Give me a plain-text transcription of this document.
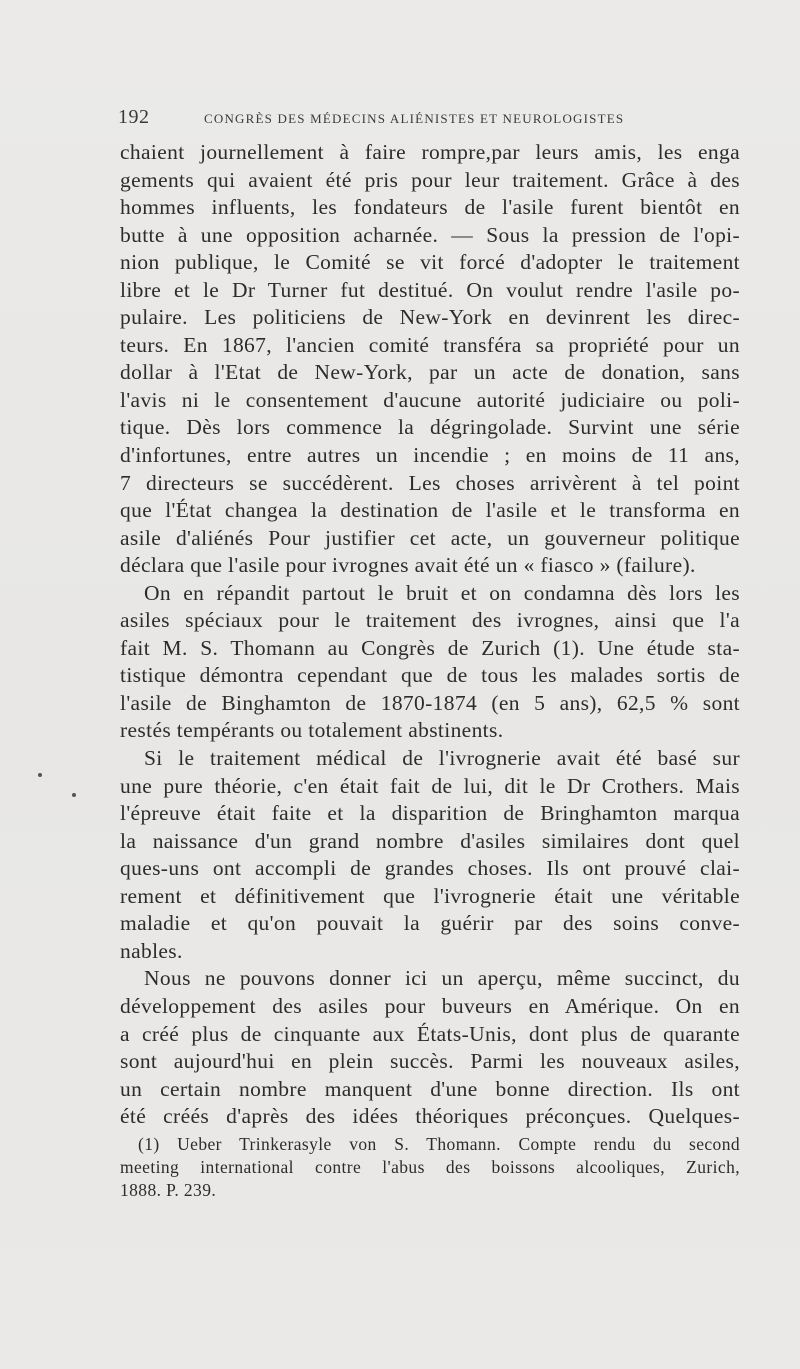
192	CONGRÈS DES MÉDECINS ALIÉNISTES ET NEUROLOGISTES
chaient journellement à faire rompre,par leurs amis, les enga
gements qui avaient été pris pour leur traitement. Grâce à des
hommes influents, les fondateurs de l'asile furent bientôt en
butte à une opposition acharnée. — Sous la pression de l'opi-
nion publique, le Comité se vit forcé d'adopter le traitement
libre et le Dr Turner fut destitué. On voulut rendre l'asile po-
pulaire. Les politiciens de New-York en devinrent les direc-
teurs. En 1867, l'ancien comité transféra sa propriété pour un
dollar à l'Etat de New-York, par un acte de donation, sans
l'avis ni le consentement d'aucune autorité judiciaire ou poli-
tique. Dès lors commence la dégringolade. Survint une série
d'infortunes, entre autres un incendie ; en moins de 11 ans,
7 directeurs se succédèrent. Les choses arrivèrent à tel point
que l'État changea la destination de l'asile et le transforma en
asile d'aliénés Pour justifier cet acte, un gouverneur politique
déclara que l'asile pour ivrognes avait été un « fiasco » (failure).
On en répandit partout le bruit et on condamna dès lors les
asiles spéciaux pour le traitement des ivrognes, ainsi que l'a
fait M. S. Thomann au Congrès de Zurich (1). Une étude sta-
tistique démontra cependant que de tous les malades sortis de
l'asile de Binghamton de 1870-1874 (en 5 ans), 62,5 % sont
restés tempérants ou totalement abstinents.
Si le traitement médical de l'ivrognerie avait été basé sur
une pure théorie, c'en était fait de lui, dit le Dr Crothers. Mais
l'épreuve était faite et la disparition de Bringhamton marqua
la naissance d'un grand nombre d'asiles similaires dont quel
ques-uns ont accompli de grandes choses. Ils ont prouvé clai-
rement et définitivement que l'ivrognerie était une véritable
maladie et qu'on pouvait la guérir par des soins conve-
nables.
Nous ne pouvons donner ici un aperçu, même succinct, du
développement des asiles pour buveurs en Amérique. On en
a créé plus de cinquante aux États-Unis, dont plus de quarante
sont aujourd'hui en plein succès. Parmi les nouveaux asiles,
un certain nombre manquent d'une bonne direction. Ils ont
été créés d'après des idées théoriques préconçues. Quelques-
(1) Ueber Trinkerasyle von S. Thomann. Compte rendu du second
meeting international contre l'abus des boissons alcooliques, Zurich,
1888. P. 239.
